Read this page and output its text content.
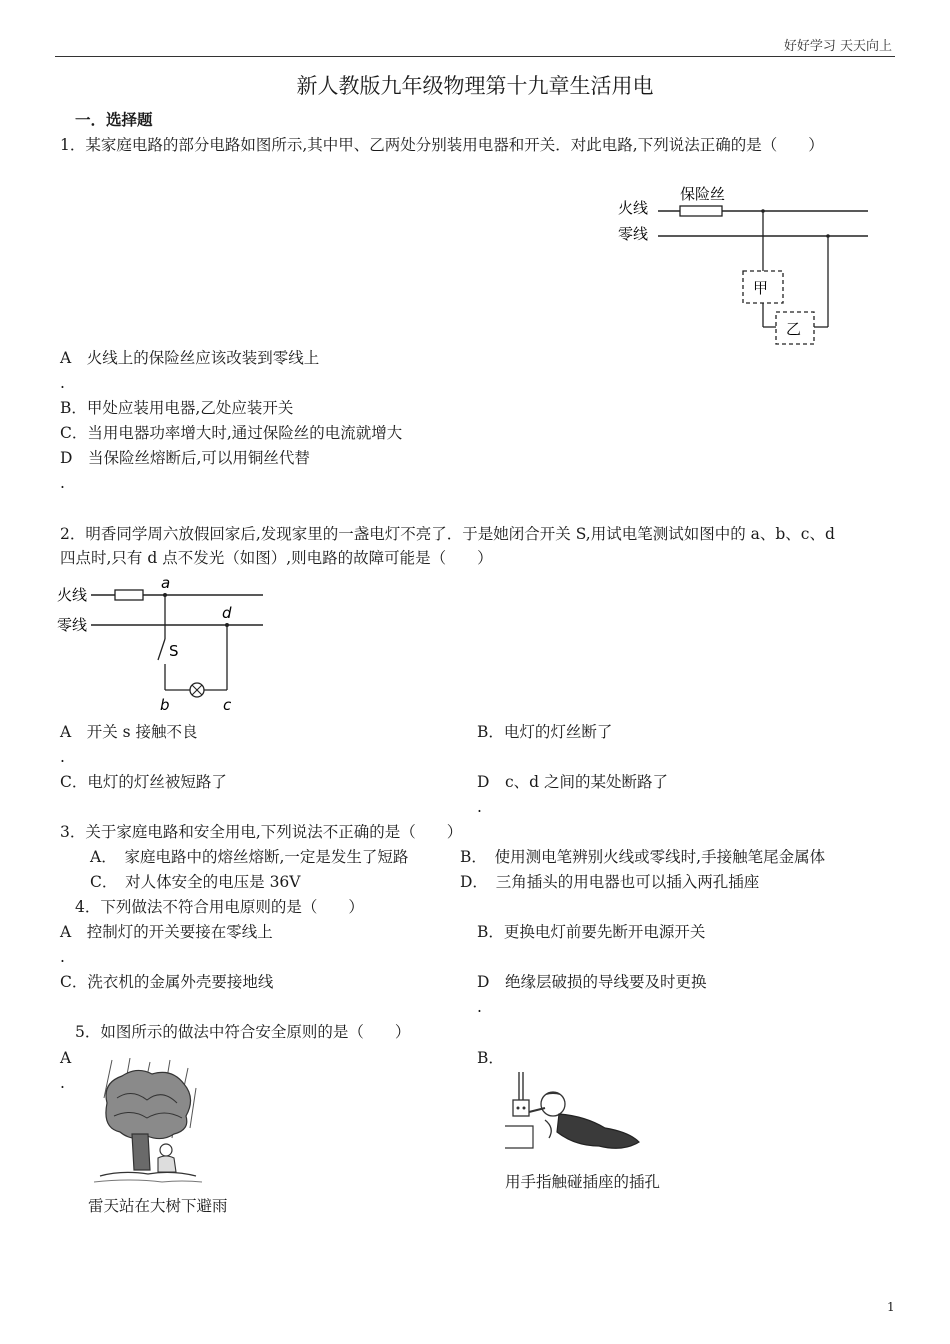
好好学习 天天向上
新人教版九年级物理第十九章生活用电
一．选择题
1．某家庭电路的部分电路如图所示,其中甲、乙两处分别装用电器和开关．对此电路,下列说法正确的是（　　）
火线
零线
保险丝
甲
乙
A　 火线上的保险丝应该改装到零线上
.
B．甲处应装用电器,乙处应装开关
C．当用电器功率增大时,通过保险丝的电流就增大
D　 当保险丝熔断后,可以用铜丝代替
.
2．明香同学周六放假回家后,发现家里的一盏电灯不亮了．于是她闭合开关 S,用试电笔测试如图中的 a、b、c、d
四点时,只有 d 点不发光（如图）,则电路的故障可能是（　　）
火线
零线
a
d
S
b	c
A　 开关 s 接触不良	B．电灯的灯丝断了
.
C．电灯的灯丝被短路了	D　 c、d 之间的某处断路了
.
3．关于家庭电路和安全用电,下列说法不正确的是（　　）
A．　 家庭电路中的熔丝熔断,一定是发生了短路	B．　 使用测电笔辨别火线或零线时,手接触笔尾金属体
C．　 对人体安全的电压是 36V	D．　 三角插头的用电器也可以插入两孔插座
4．下列做法不符合用电原则的是（　　）
A　 控制灯的开关要接在零线上	B．更换电灯前要先断开电源开关
.
C．洗衣机的金属外壳要接地线	D　 绝缘层破损的导线要及时更换
.
5．如图所示的做法中符合安全原则的是（　　）
A
.
B．
雷天站在大树下避雨
用手指触碰插座的插孔
1
